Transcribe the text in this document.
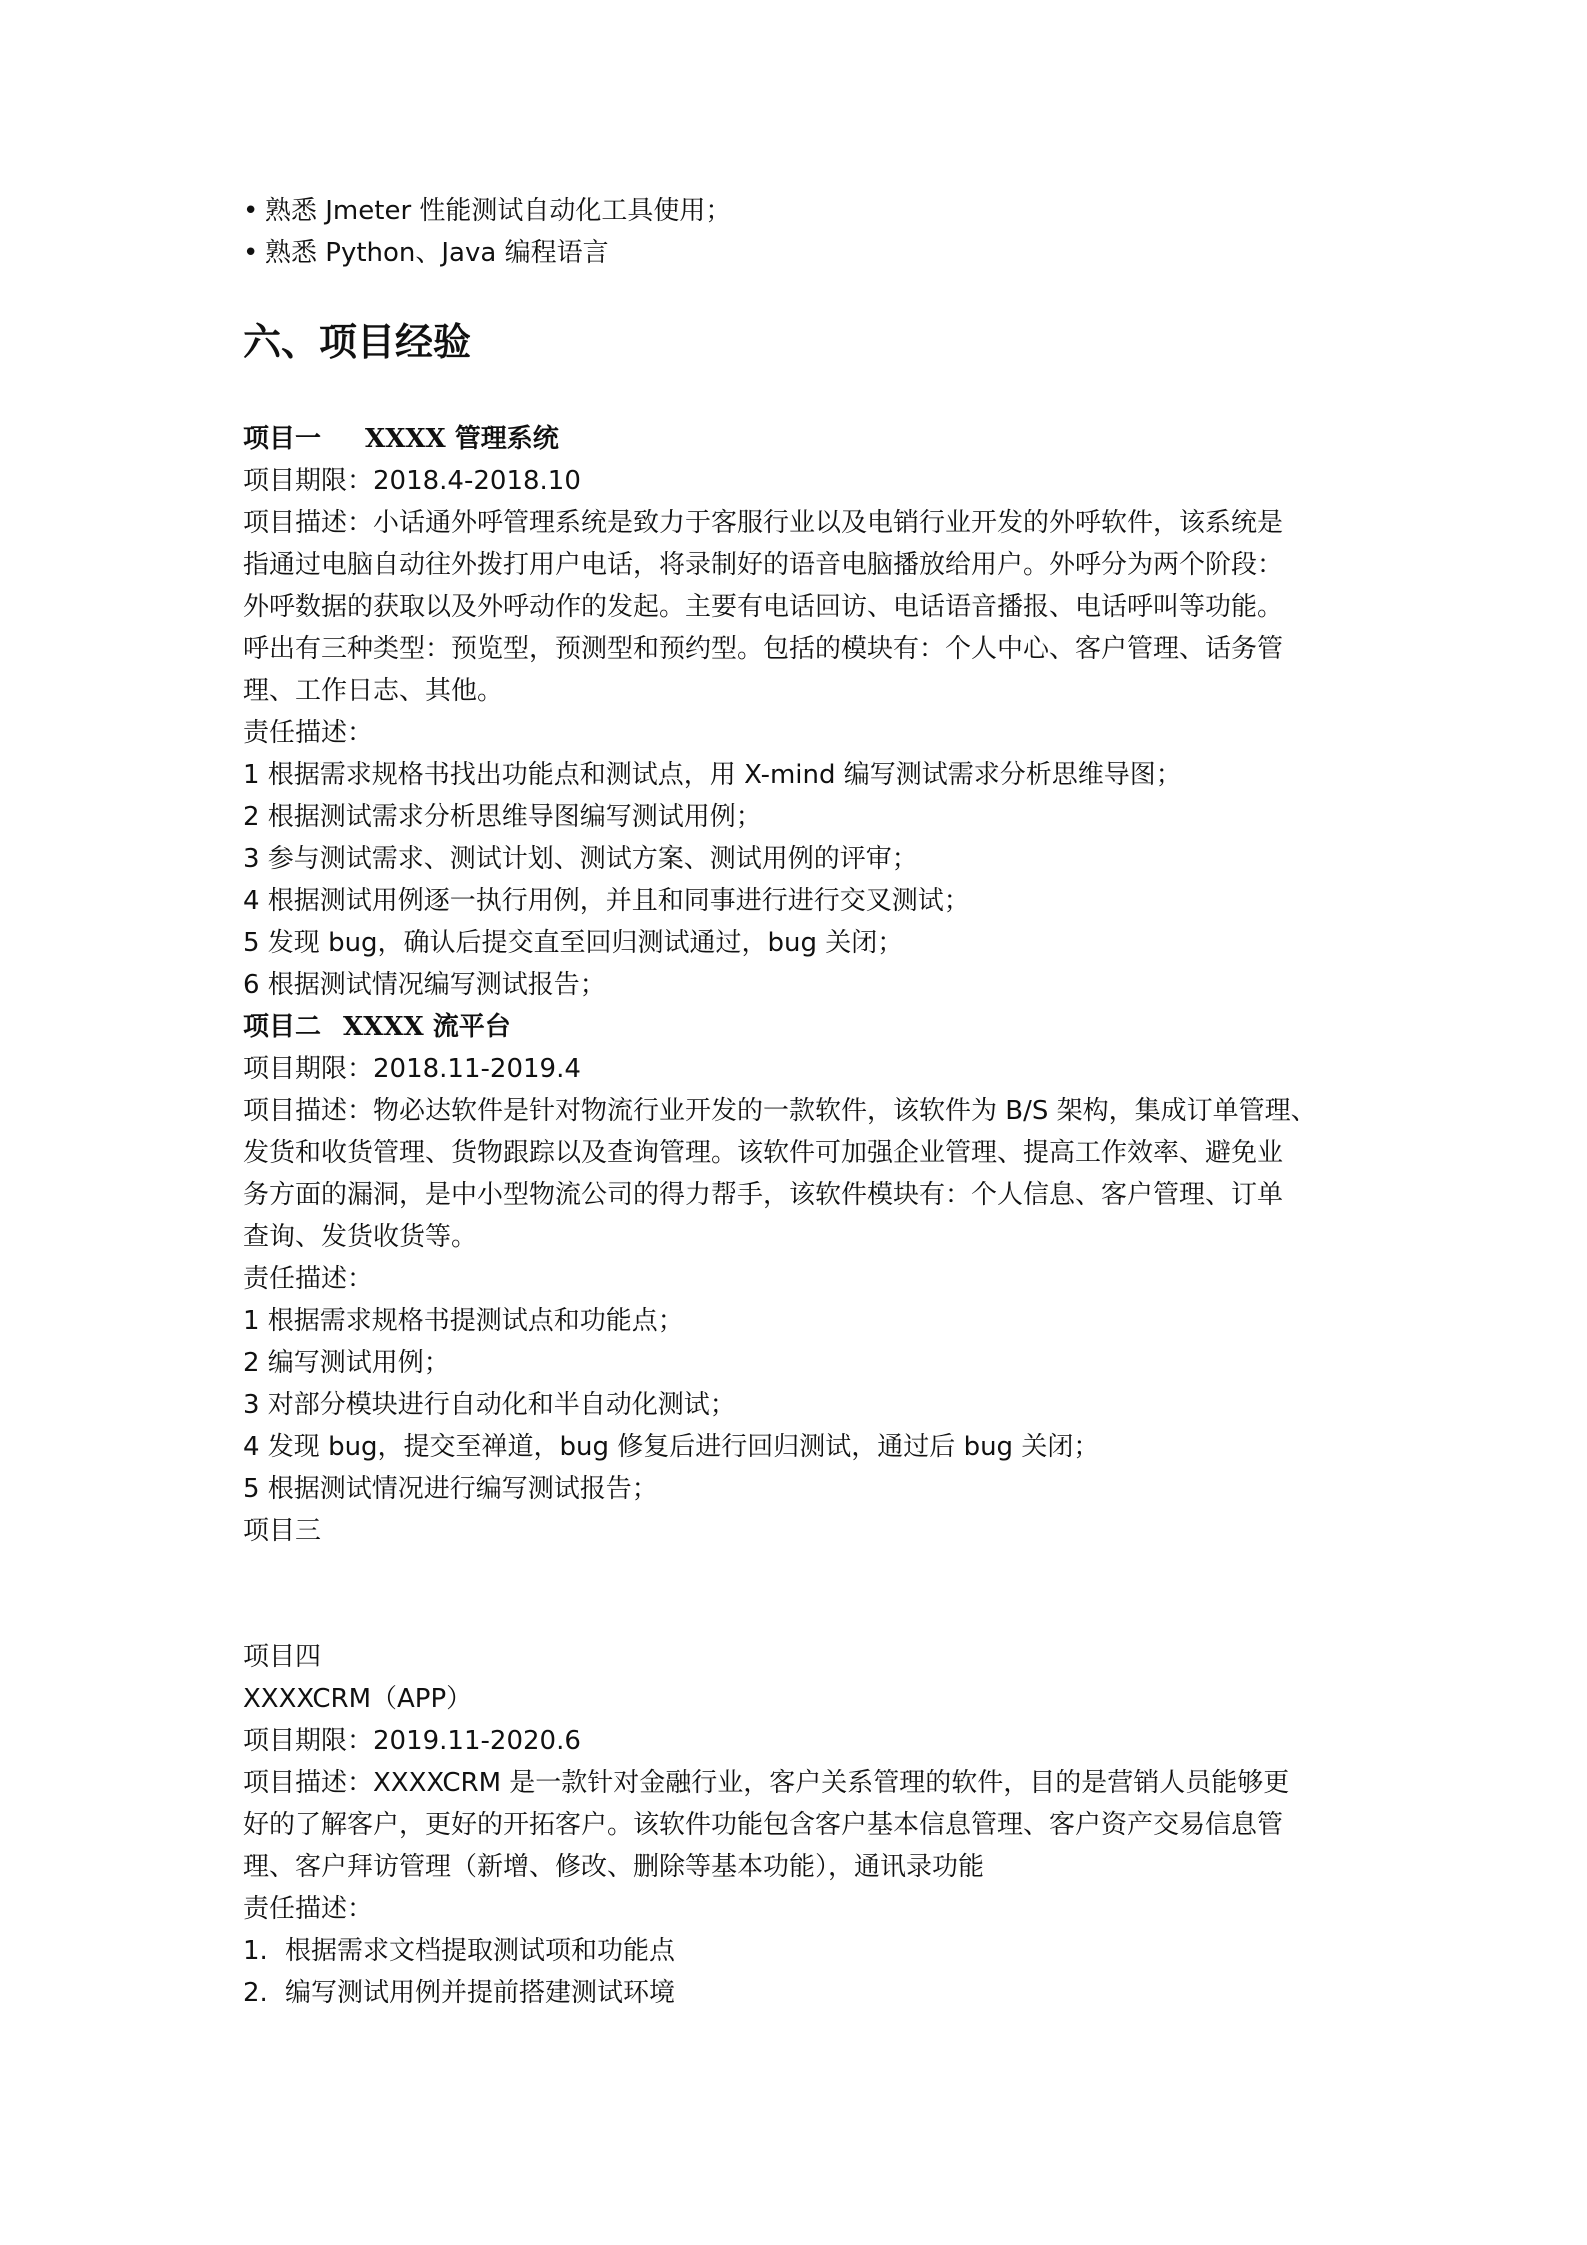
• 熟悉 Jmeter 性能测试自动化工具使用；

• 熟悉 Python、Java 编程语言

六、项目经验

项目一 XXXX 管理系统

项目期限：2018.4-2018.10

项目描述：小话通外呼管理系统是致力于客服行业以及电销行业开发的外呼软件，该系统是

指通过电脑自动往外拨打用户电话，将录制好的语音电脑播放给用户。外呼分为两个阶段：

外呼数据的获取以及外呼动作的发起。主要有电话回访、电话语音播报、电话呼叫等功能。

呼出有三种类型：预览型，预测型和预约型。包括的模块有：个人中心、客户管理、话务管

理、工作日志、其他。

责任描述：

1 根据需求规格书找出功能点和测试点，用 X-mind 编写测试需求分析思维导图；

2 根据测试需求分析思维导图编写测试用例；

3 参与测试需求、测试计划、测试方案、测试用例的评审；

4 根据测试用例逐一执行用例，并且和同事进行进行交叉测试；

5 发现 bug，确认后提交直至回归测试通过，bug 关闭；

6 根据测试情况编写测试报告；

项目二 XXXX 流平台

项目期限：2018.11-2019.4

项目描述：物必达软件是针对物流行业开发的一款软件，该软件为 B/S 架构，集成订单管理、

发货和收货管理、货物跟踪以及查询管理。该软件可加强企业管理、提高工作效率、避免业

务方面的漏洞，是中小型物流公司的得力帮手，该软件模块有：个人信息、客户管理、订单

查询、发货收货等。

责任描述：

1 根据需求规格书提测试点和功能点；

2 编写测试用例；

3 对部分模块进行自动化和半自动化测试；

4 发现 bug，提交至禅道，bug 修复后进行回归测试，通过后 bug 关闭；

5 根据测试情况进行编写测试报告；

项目三

项目四

XXXXCRM（APP）

项目期限：2019.11-2020.6

项目描述：XXXXCRM 是一款针对金融行业，客户关系管理的软件，目的是营销人员能够更

好的了解客户，更好的开拓客户。该软件功能包含客户基本信息管理、客户资产交易信息管

理、客户拜访管理（新增、修改、删除等基本功能），通讯录功能

责任描述：

1. 根据需求文档提取测试项和功能点

2. 编写测试用例并提前搭建测试环境
